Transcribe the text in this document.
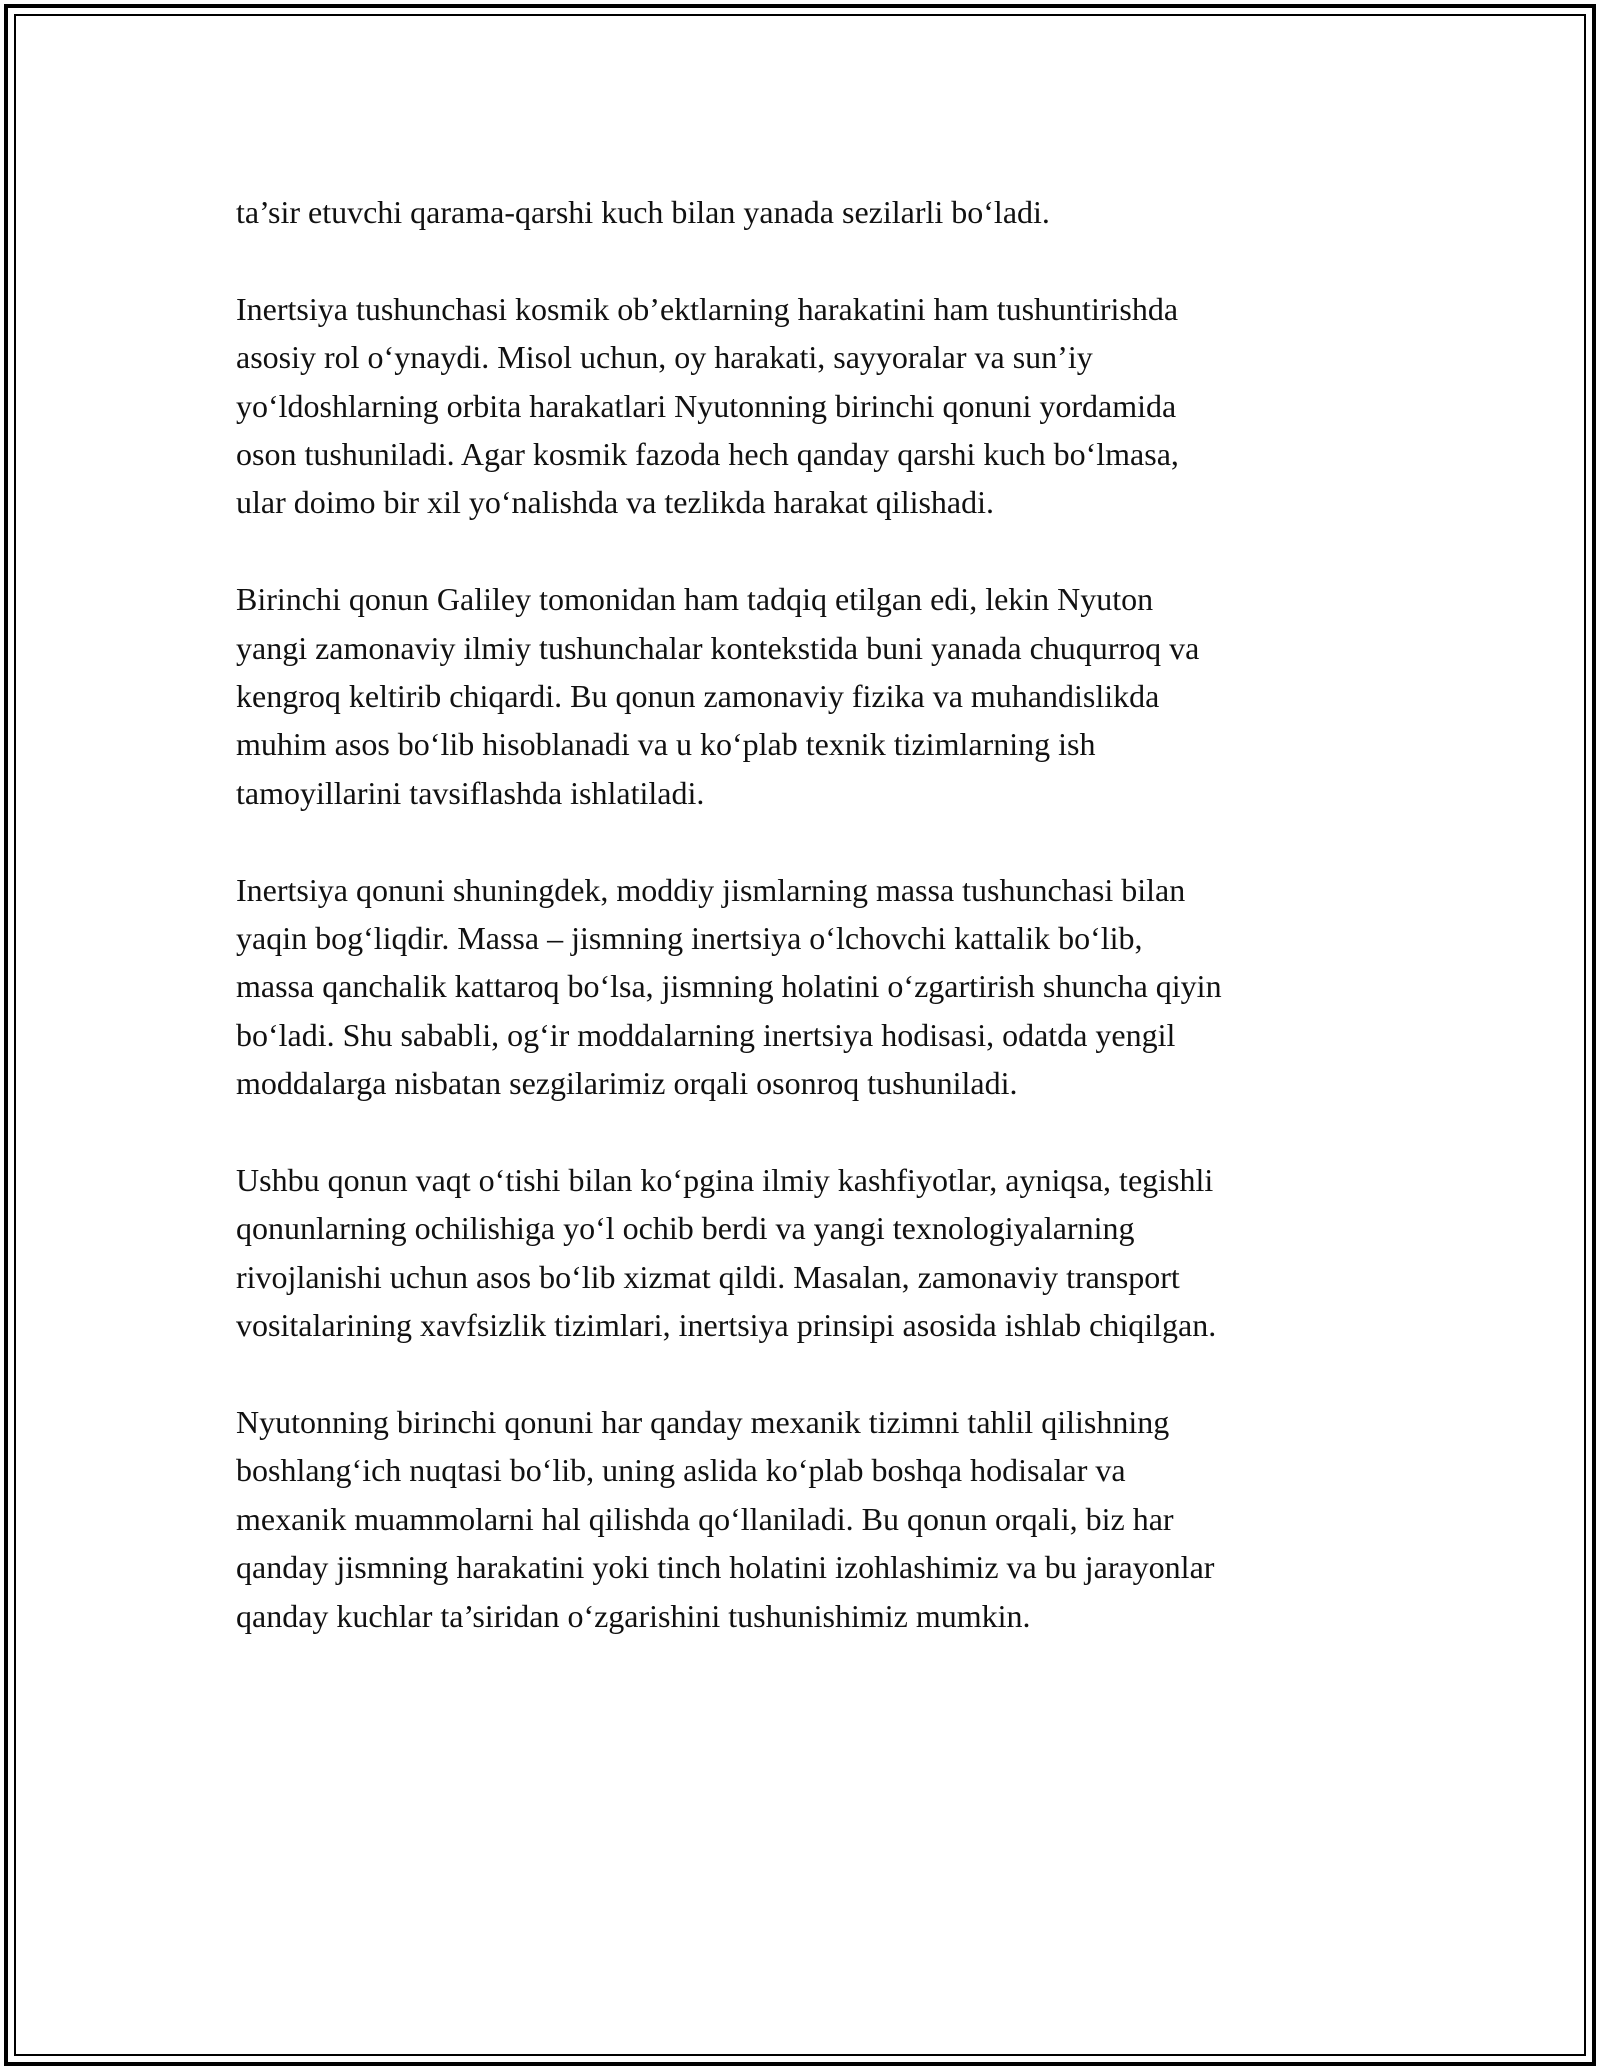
ta’sir etuvchi qarama-qarshi kuch bilan yanada sezilarli bo‘ladi.

Inertsiya tushunchasi kosmik ob’ektlarning harakatini ham tushuntirishda
asosiy rol o‘ynaydi. Misol uchun, oy harakati, sayyoralar va sun’iy
yo‘ldoshlarning orbita harakatlari Nyutonning birinchi qonuni yordamida
oson tushuniladi. Agar kosmik fazoda hech qanday qarshi kuch bo‘lmasa,
ular doimo bir xil yo‘nalishda va tezlikda harakat qilishadi.

Birinchi qonun Galiley tomonidan ham tadqiq etilgan edi, lekin Nyuton
yangi zamonaviy ilmiy tushunchalar kontekstida buni yanada chuqurroq va
kengroq keltirib chiqardi. Bu qonun zamonaviy fizika va muhandislikda
muhim asos bo‘lib hisoblanadi va u ko‘plab texnik tizimlarning ish
tamoyillarini tavsiflashda ishlatiladi.

Inertsiya qonuni shuningdek, moddiy jismlarning massa tushunchasi bilan
yaqin bog‘liqdir. Massa – jismning inertsiya o‘lchovchi kattalik bo‘lib,
massa qanchalik kattaroq bo‘lsa, jismning holatini o‘zgartirish shuncha qiyin
bo‘ladi. Shu sababli, og‘ir moddalarning inertsiya hodisasi, odatda yengil
moddalarga nisbatan sezgilarimiz orqali osonroq tushuniladi.

Ushbu qonun vaqt o‘tishi bilan ko‘pgina ilmiy kashfiyotlar, ayniqsa, tegishli
qonunlarning ochilishiga yo‘l ochib berdi va yangi texnologiyalarning
rivojlanishi uchun asos bo‘lib xizmat qildi. Masalan, zamonaviy transport
vositalarining xavfsizlik tizimlari, inertsiya prinsipi asosida ishlab chiqilgan.

Nyutonning birinchi qonuni har qanday mexanik tizimni tahlil qilishning
boshlang‘ich nuqtasi bo‘lib, uning aslida ko‘plab boshqa hodisalar va
mexanik muammolarni hal qilishda qo‘llaniladi. Bu qonun orqali, biz har
qanday jismning harakatini yoki tinch holatini izohlashimiz va bu jarayonlar
qanday kuchlar ta’siridan o‘zgarishini tushunishimiz mumkin.
